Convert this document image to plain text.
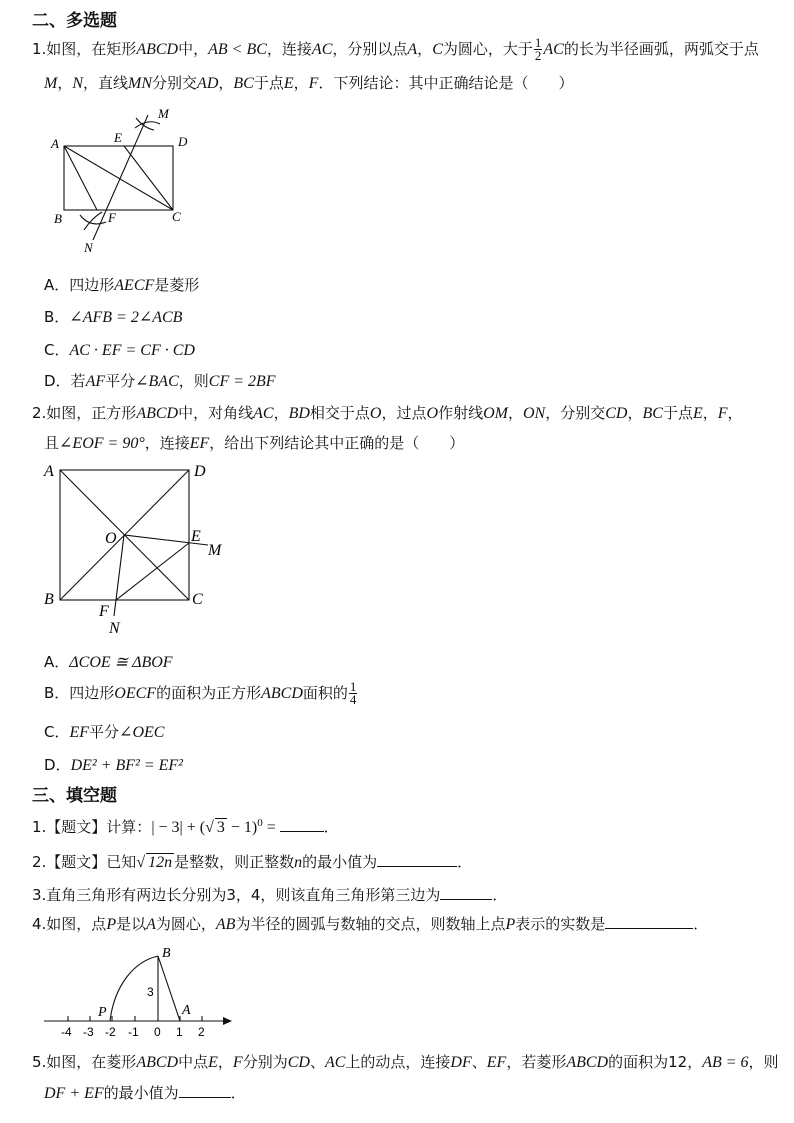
二、多选题
1.如图，在矩形ABCD中，AB < BC，连接AC，分别以点A，C为圆心，大于 $\frac{1}{2}$ AC的长为半径画弧，两弧交于点
M，N，直线MN分别交AD，BC于点E，F．下列结论：其中正确结论是（　　）
A	E
M
D
B	F	C
N
A．四边形AECF是菱形
B．∠AFB = 2∠ACB
C．AC · EF = CF · CD
D．若AF平分∠BAC，则CF = 2BF
2.如图，正方形ABCD中，对角线AC，BD相交于点O，过点O作射线OM，ON，分别交CD，BC于点E，F，
且∠EOF = 90°，连接EF，给出下列结论其中正确的是（　　）
A	D
O	E
M
B	C
F
N
A．ΔCOE ≅ ΔBOF
B．四边形OECF的面积为正方形ABCD面积的 $\frac{1}{4}$
C．EF平分∠OEC
D．DE² + BF² = EF²
三、填空题
1.【题文】计算：| − 3| + (√ 3 − 1)$^0$ =	．
2.【题文】已知√ 12n 是整数，则正整数n的最小值为	．
3.直角三角形有两边长分别为3，4，则该直角三角形第三边为	．
4.如图，点P是以A为圆心，AB为半径的圆弧与数轴的交点，则数轴上点P表示的实数是	．
B
3
P	A
-4 -3 -2 -1 0 1 2
5.如图，在菱形ABCD中点E，F分别为CD、AC上的动点，连接DF、EF，若菱形ABCD的面积为12，AB = 6，则
DF + EF的最小值为	．
